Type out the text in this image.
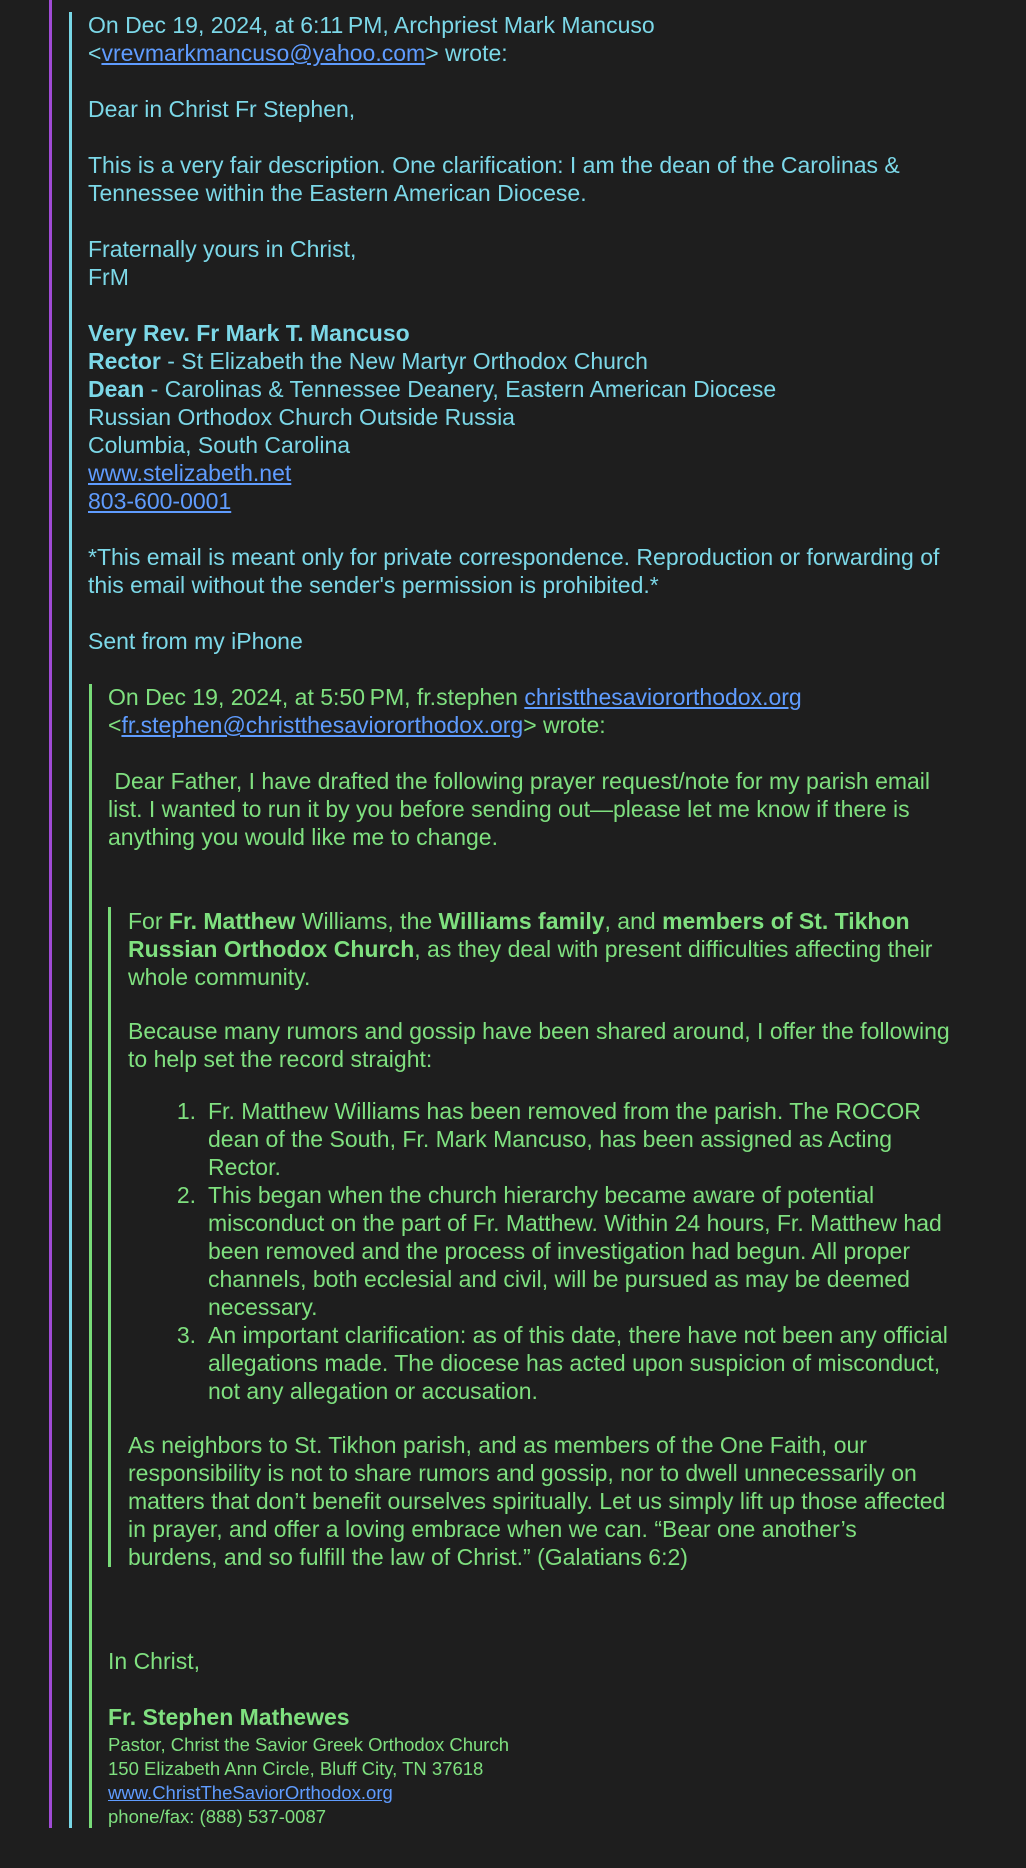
On Dec 19, 2024, at 6:11 PM, Archpriest Mark Mancuso
<vrevmarkmancuso@yahoo.com> wrote:
Dear in Christ Fr Stephen,
This is a very fair description. One clarification: I am the dean of the Carolinas &
Tennessee within the Eastern American Diocese.
Fraternally yours in Christ,
FrM
Very Rev. Fr Mark T. Mancuso
Rector - St Elizabeth the New Martyr Orthodox Church
Dean - Carolinas & Tennessee Deanery, Eastern American Diocese
Russian Orthodox Church Outside Russia
Columbia, South Carolina
www.stelizabeth.net
803-600-0001
*This email is meant only for private correspondence. Reproduction or forwarding of
this email without the sender's permission is prohibited.*
Sent from my iPhone
On Dec 19, 2024, at 5:50 PM, fr.stephen christthesaviororthodox.org
<fr.stephen@christthesaviororthodox.org> wrote:
Dear Father, I have drafted the following prayer request/note for my parish email
list. I wanted to run it by you before sending out—please let me know if there is
anything you would like me to change.
For Fr. Matthew Williams, the Williams family, and members of St. Tikhon
Russian Orthodox Church, as they deal with present difficulties affecting their
whole community.
Because many rumors and gossip have been shared around, I offer the following
to help set the record straight:
1. Fr. Matthew Williams has been removed from the parish. The ROCOR
dean of the South, Fr. Mark Mancuso, has been assigned as Acting
Rector.
2. This began when the church hierarchy became aware of potential
misconduct on the part of Fr. Matthew. Within 24 hours, Fr. Matthew had
been removed and the process of investigation had begun. All proper
channels, both ecclesial and civil, will be pursued as may be deemed
necessary.
3. An important clarification: as of this date, there have not been any official
allegations made. The diocese has acted upon suspicion of misconduct,
not any allegation or accusation.
As neighbors to St. Tikhon parish, and as members of the One Faith, our
responsibility is not to share rumors and gossip, nor to dwell unnecessarily on
matters that don’t benefit ourselves spiritually. Let us simply lift up those affected
in prayer, and offer a loving embrace when we can. “Bear one another’s
burdens, and so fulfill the law of Christ.” (Galatians 6:2)
In Christ,
Fr. Stephen Mathewes
Pastor, Christ the Savior Greek Orthodox Church
150 Elizabeth Ann Circle, Bluff City, TN 37618
www.ChristTheSaviorOrthodox.org
phone/fax: (888) 537-0087
